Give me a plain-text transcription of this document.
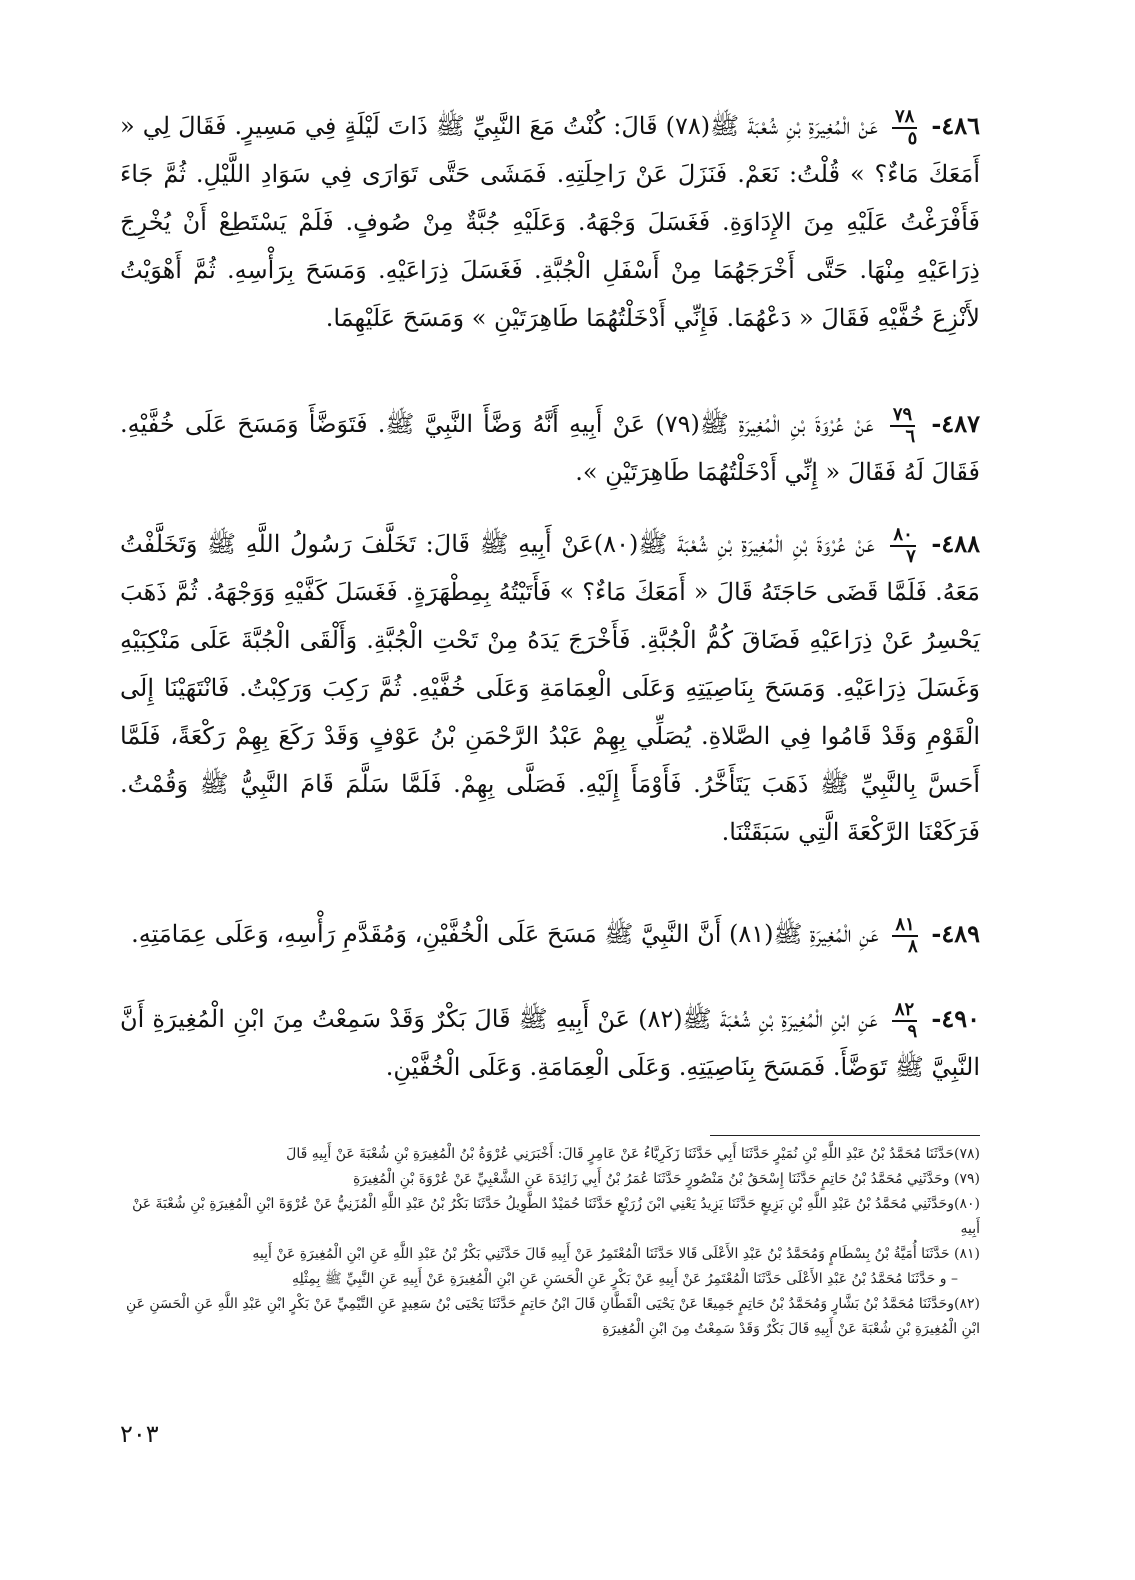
٤٨٦-
$\frac{٧٨}{٥}$
عَنْ الْمُغِيرَةِ بْنِ شُعْبَةَ ﷺ(٧٨) قَالَ: كُنْتُ مَعَ النَّبِيِّ ﷺ ذَاتَ لَيْلَةٍ فِي مَسِيرٍ. فَقَالَ لِي « أَمَعَكَ مَاءٌ؟ » قُلْتُ: نَعَمْ. فَنَزَلَ عَنْ رَاحِلَتِهِ. فَمَشَى حَتَّى تَوَارَى فِي سَوَادِ اللَّيْلِ. ثُمَّ جَاءَ فَأَفْرَغْتُ عَلَيْهِ مِنَ الإِدَاوَةِ. فَغَسَلَ وَجْهَهُ. وَعَلَيْهِ جُبَّةٌ مِنْ صُوفٍ. فَلَمْ يَسْتَطِعْ أَنْ يُخْرِجَ ذِرَاعَيْهِ مِنْهَا. حَتَّى أَخْرَجَهُمَا مِنْ أَسْفَلِ الْجُبَّةِ. فَغَسَلَ ذِرَاعَيْهِ. وَمَسَحَ بِرَأْسِهِ. ثُمَّ أَهْوَيْتُ لأَنْزِعَ خُفَّيْهِ فَقَالَ « دَعْهُمَا. فَإِنِّي أَدْخَلْتُهُمَا طَاهِرَتَيْنِ » وَمَسَحَ عَلَيْهِمَا.
٤٨٧-
$\frac{٧٩}{٦}$
عَنْ عُرْوَةَ بْنِ الْمُغِيرَةِ ﷺ(٧٩) عَنْ أَبِيهِ أَنَّهُ وَضَّأَ النَّبِيَّ ﷺ. فَتَوَضَّأَ وَمَسَحَ عَلَى خُفَّيْهِ. فَقَالَ لَهُ فَقَالَ « إِنِّي أَدْخَلْتُهُمَا طَاهِرَتَيْنِ ».
٤٨٨-
$\frac{٨٠}{٧}$
عَنْ عُرْوَةَ بْنِ الْمُغِيرَةِ بْنِ شُعْبَةَ ﷺ(٨٠)عَنْ أَبِيهِ ﷺ قَالَ: تَخَلَّفَ رَسُولُ اللَّهِ ﷺ وَتَخَلَّفْتُ مَعَهُ. فَلَمَّا قَضَى حَاجَتَهُ قَالَ « أَمَعَكَ مَاءٌ؟ » فَأَتَيْتُهُ بِمِطْهَرَةٍ. فَغَسَلَ كَفَّيْهِ وَوَجْهَهُ. ثُمَّ ذَهَبَ يَحْسِرُ عَنْ ذِرَاعَيْهِ فَضَاقَ كُمُّ الْجُبَّةِ. فَأَخْرَجَ يَدَهُ مِنْ تَحْتِ الْجُبَّةِ. وَأَلْقَى الْجُبَّةَ عَلَى مَنْكِبَيْهِ وَغَسَلَ ذِرَاعَيْهِ. وَمَسَحَ بِنَاصِيَتِهِ وَعَلَى الْعِمَامَةِ وَعَلَى خُفَّيْهِ. ثُمَّ رَكِبَ وَرَكِبْتُ. فَانْتَهَيْنَا إِلَى الْقَوْمِ وَقَدْ قَامُوا فِي الصَّلاةِ. يُصَلِّي بِهِمْ عَبْدُ الرَّحْمَنِ بْنُ عَوْفٍ وَقَدْ رَكَعَ بِهِمْ رَكْعَةً، فَلَمَّا أَحَسَّ بِالنَّبِيِّ ﷺ ذَهَبَ يَتَأَخَّرُ. فَأَوْمَأَ إِلَيْهِ. فَصَلَّى بِهِمْ. فَلَمَّا سَلَّمَ قَامَ النَّبِيُّ ﷺ وَقُمْتُ. فَرَكَعْنَا الرَّكْعَةَ الَّتِي سَبَقَتْنَا.
٤٨٩-
$\frac{٨١}{٨}$
عَنِ الْمُغِيرَةِ ﷺ(٨١) أَنَّ النَّبِيَّ ﷺ مَسَحَ عَلَى الْخُفَّيْنِ، وَمُقَدَّمِ رَأْسِهِ، وَعَلَى عِمَامَتِهِ.
٤٩٠-
$\frac{٨٢}{٩}$
عَنِ ابْنِ الْمُغِيرَةِ بْنِ شُعْبَةَ ﷺ(٨٢) عَنْ أَبِيهِ ﷺ قَالَ بَكْرٌ وَقَدْ سَمِعْتُ مِنَ ابْنِ الْمُغِيرَةِ أَنَّ النَّبِيَّ ﷺ تَوَضَّأَ. فَمَسَحَ بِنَاصِيَتِهِ. وَعَلَى الْعِمَامَةِ. وَعَلَى الْخُفَّيْنِ.

(٧٨)حَدَّثَنَا مُحَمَّدُ بْنُ عَبْدِ اللَّهِ بْنِ نُمَيْرٍ حَدَّثَنَا أَبِي حَدَّثَنَا زَكَرِيَّاءُ عَنْ عَامِرٍ قَالَ: أَخْبَرَنِي عُرْوَةُ بْنُ الْمُغِيرَةِ بْنِ شُعْبَةَ عَنْ أَبِيهِ قَالَ

(٧٩) وحَدَّثَنِي مُحَمَّدُ بْنُ حَاتِمٍ حَدَّثَنَا إِسْحَقُ بْنُ مَنْصُورٍ حَدَّثَنَا عُمَرُ بْنُ أَبِي زَائِدَةَ عَنِ الشَّعْبِيِّ عَنْ عُرْوَةَ بْنِ الْمُغِيرَةِ

(٨٠)وحَدَّثَنِي مُحَمَّدُ بْنُ عَبْدِ اللَّهِ بْنِ بَزِيعٍ حَدَّثَنَا يَزِيدُ يَعْنِي ابْنَ زُرَيْعٍ حَدَّثَنَا حُمَيْدٌ الطَّوِيلُ حَدَّثَنَا بَكْرُ بْنُ عَبْدِ اللَّهِ الْمُزَنِيُّ عَنْ عُرْوَةَ ابْنِ الْمُغِيرَةِ بْنِ شُعْبَةَ عَنْ أَبِيهِ

(٨١) حَدَّثَنَا أُمَيَّةُ بْنُ بِسْطَامٍ وَمُحَمَّدُ بْنُ عَبْدِ الأَعْلَى قَالا حَدَّثَنَا الْمُعْتَمِرُ عَنْ أَبِيهِ قَالَ حَدَّثَنِي بَكْرُ بْنُ عَبْدِ اللَّهِ عَنِ ابْنِ الْمُغِيرَةِ عَنْ أَبِيهِ

– و حَدَّثَنَا مُحَمَّدُ بْنُ عَبْدِ الأَعْلَى حَدَّثَنَا الْمُعْتَمِرُ عَنْ أَبِيهِ عَنْ بَكْرٍ عَنِ الْحَسَنِ عَنِ ابْنِ الْمُغِيرَةِ عَنْ أَبِيهِ عَنِ النَّبِيِّ ﷺ بِمِثْلِهِ

(٨٢)وحَدَّثَنَا مُحَمَّدُ بْنُ بَشَّارٍ وَمُحَمَّدُ بْنُ حَاتِمٍ جَمِيعًا عَنْ يَحْيَى الْقَطَّانِ قَالَ ابْنُ حَاتِمٍ حَدَّثَنَا يَحْيَى بْنُ سَعِيدٍ عَنِ التَّيْمِيِّ عَنْ بَكْرٍ ابْنِ عَبْدِ اللَّهِ عَنِ الْحَسَنِ عَنِ ابْنِ الْمُغِيرَةِ بْنِ شُعْبَةَ عَنْ أَبِيهِ قَالَ بَكْرٌ وَقَدْ سَمِعْتُ مِنَ ابْنِ الْمُغِيرَةِ

٢٠٣
